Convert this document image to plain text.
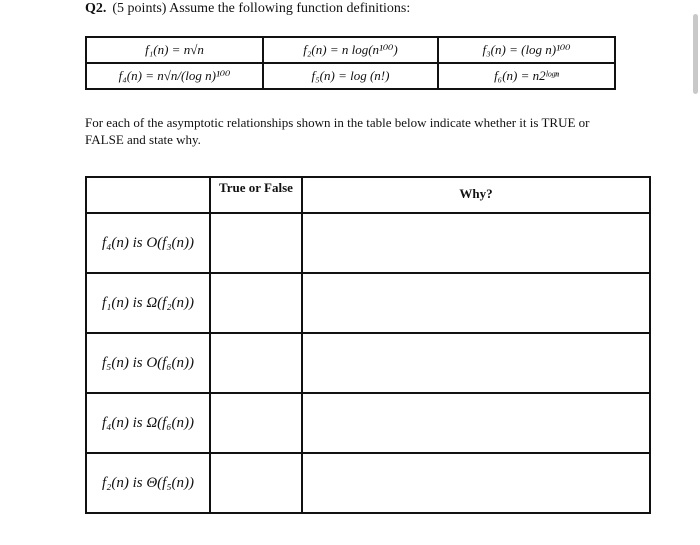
Q2. (5 points) Assume the following function definitions:
f₁(n) = n√n	f₂(n) = n log(n¹⁰⁰)	f₃(n) = (log n)¹⁰⁰
f₄(n) = n√n/(log n)¹⁰⁰	f₅(n) = log (n!)	f₆(n) = n2ˡᵒᵍⁿ
For each of the asymptotic relationships shown in the table below indicate whether it is TRUE or FALSE and state why.
	True or False	Why?

f₄(n) is O(f₃(n))		
f₁(n) is Ω(f₂(n))		
f₅(n) is O(f₆(n))		
f₄(n) is Ω(f₆(n))		
f₂(n) is Θ(f₅(n))		
